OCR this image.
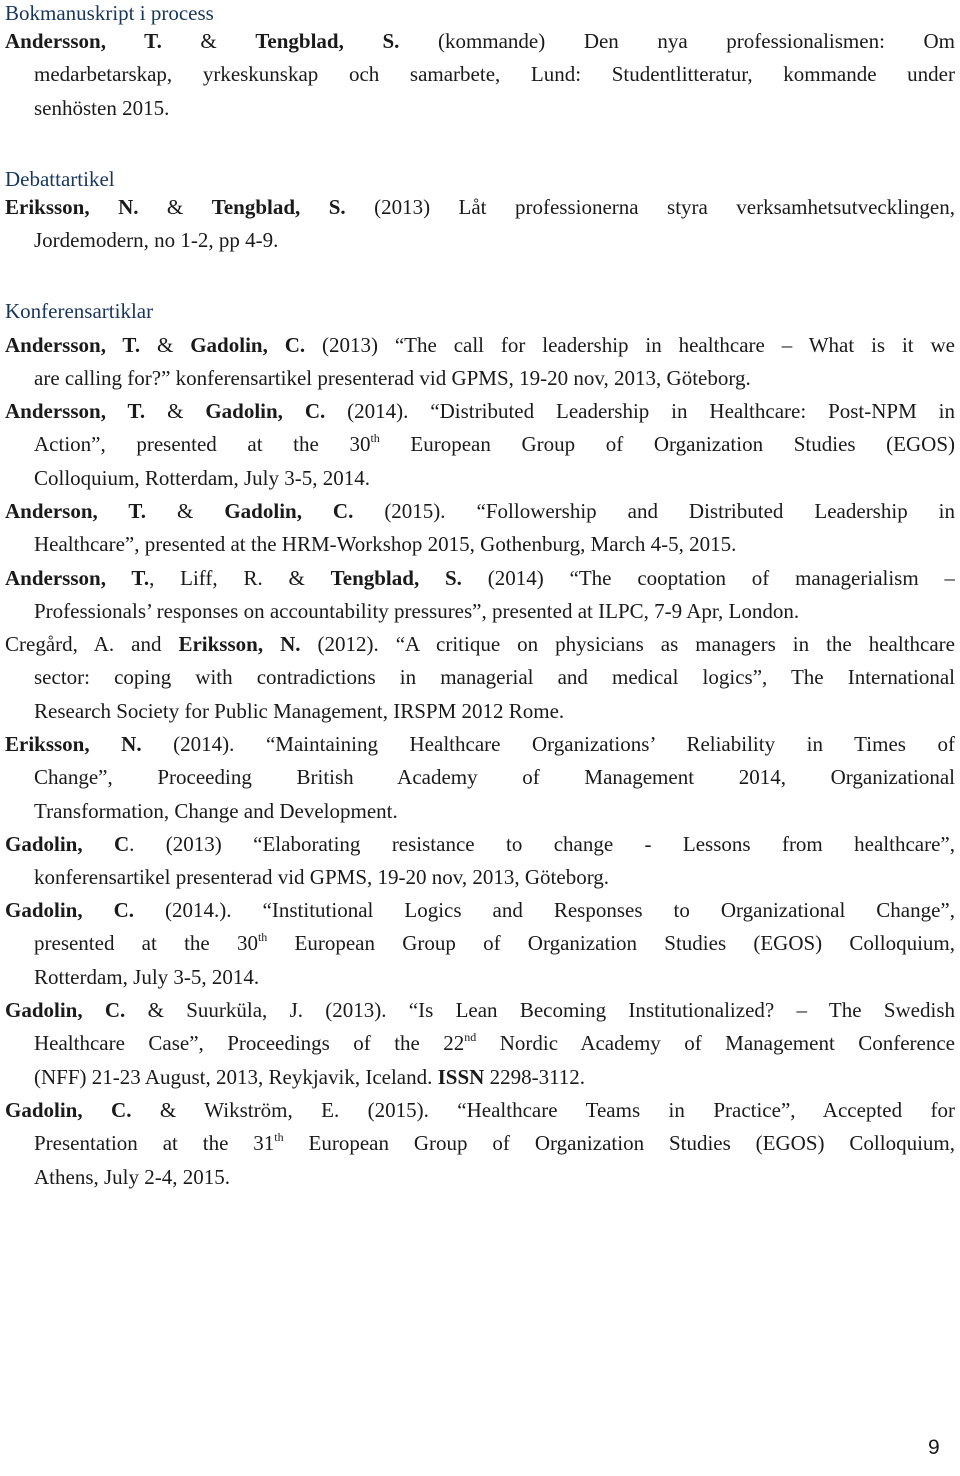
Bokmanuskript i process
Andersson, T. & Tengblad, S. (kommande) Den nya professionalismen: Om
medarbetarskap, yrkeskunskap och samarbete, Lund: Studentlitteratur, kommande under
senhösten 2015.
Debattartikel
Eriksson, N. & Tengblad, S. (2013) Låt professionerna styra verksamhetsutvecklingen,
Jordemodern, no 1-2, pp 4-9.
Konferensartiklar
Andersson, T. & Gadolin, C. (2013) “The call for leadership in healthcare – What is it we
are calling for?” konferensartikel presenterad vid GPMS, 19-20 nov, 2013, Göteborg.
Andersson, T. & Gadolin, C. (2014). “Distributed Leadership in Healthcare: Post-NPM in
Action”, presented at the 30th European Group of Organization Studies (EGOS)
Colloquium, Rotterdam, July 3-5, 2014.
Anderson, T. & Gadolin, C. (2015). “Followership and Distributed Leadership in
Healthcare”, presented at the HRM-Workshop 2015, Gothenburg, March 4-5, 2015.
Andersson, T., Liff, R. & Tengblad, S. (2014) “The cooptation of managerialism –
Professionals’ responses on accountability pressures”, presented at ILPC, 7-9 Apr, London.
Cregård, A. and Eriksson, N. (2012). “A critique on physicians as managers in the healthcare
sector: coping with contradictions in managerial and medical logics”, The International
Research Society for Public Management, IRSPM 2012 Rome.
Eriksson, N. (2014). “Maintaining Healthcare Organizations’ Reliability in Times of
Change”, Proceeding British Academy of Management 2014, Organizational
Transformation, Change and Development.
Gadolin, C. (2013) “Elaborating resistance to change - Lessons from healthcare”,
konferensartikel presenterad vid GPMS, 19-20 nov, 2013, Göteborg.
Gadolin, C. (2014.). “Institutional Logics and Responses to Organizational Change”,
presented at the 30th European Group of Organization Studies (EGOS) Colloquium,
Rotterdam, July 3-5, 2014.
Gadolin, C. & Suurküla, J. (2013). “Is Lean Becoming Institutionalized? – The Swedish
Healthcare Case”, Proceedings of the 22nd Nordic Academy of Management Conference
(NFF) 21-23 August, 2013, Reykjavik, Iceland. ISSN 2298-3112.
Gadolin, C. & Wikström, E. (2015). “Healthcare Teams in Practice”, Accepted for
Presentation at the 31th European Group of Organization Studies (EGOS) Colloquium,
Athens, July 2-4, 2015.
9
